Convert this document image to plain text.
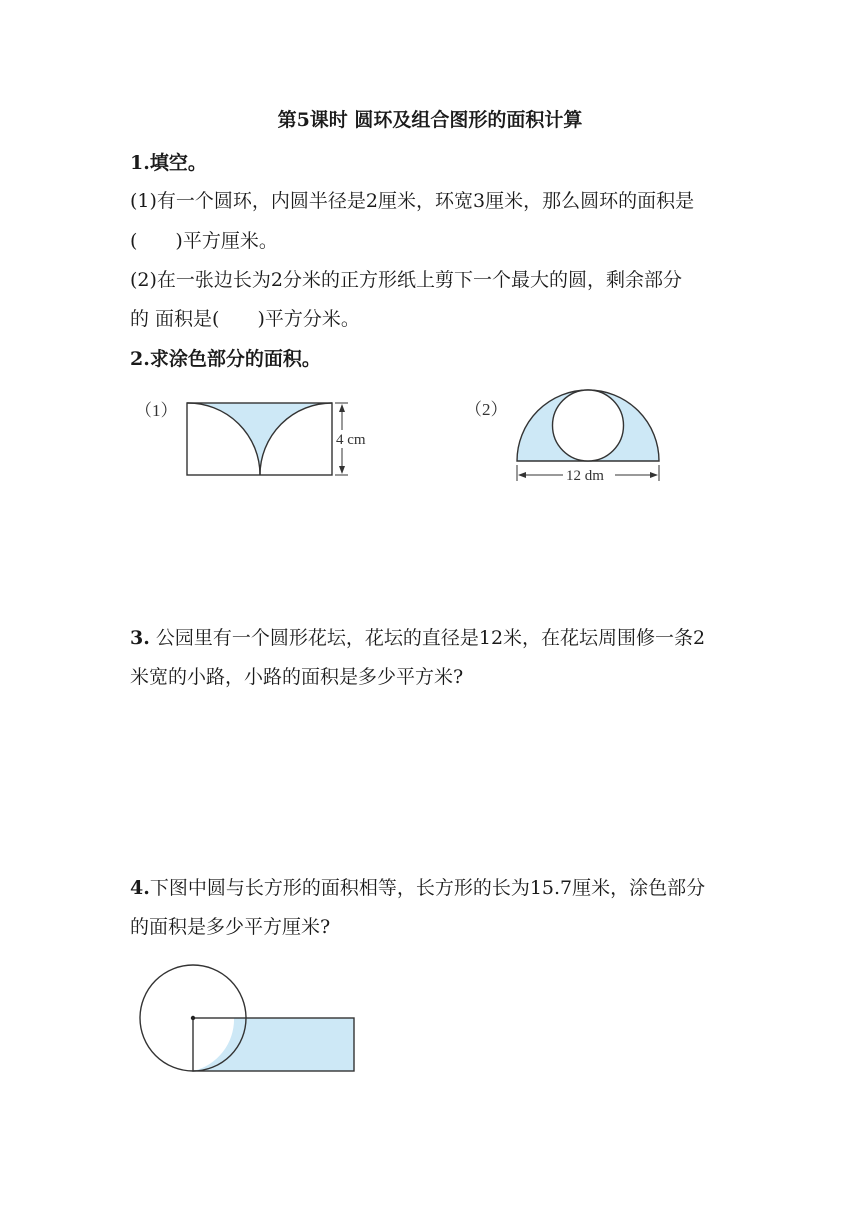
第5课时 圆环及组合图形的面积计算
1.填空。
(1)有一个圆环，内圆半径是2厘米，环宽3厘米，那么圆环的面积是
(　　)平方厘米。
(2)在一张边长为2分米的正方形纸上剪下一个最大的圆，剩余部分
的 面积是(　　)平方分米。
2.求涂色部分的面积。
（1）
4 cm
（2）
12 dm
3. 公园里有一个圆形花坛，花坛的直径是12米，在花坛周围修一条2
米宽的小路，小路的面积是多少平方米?
4.下图中圆与长方形的面积相等，长方形的长为15.7厘米，涂色部分
的面积是多少平方厘米?
